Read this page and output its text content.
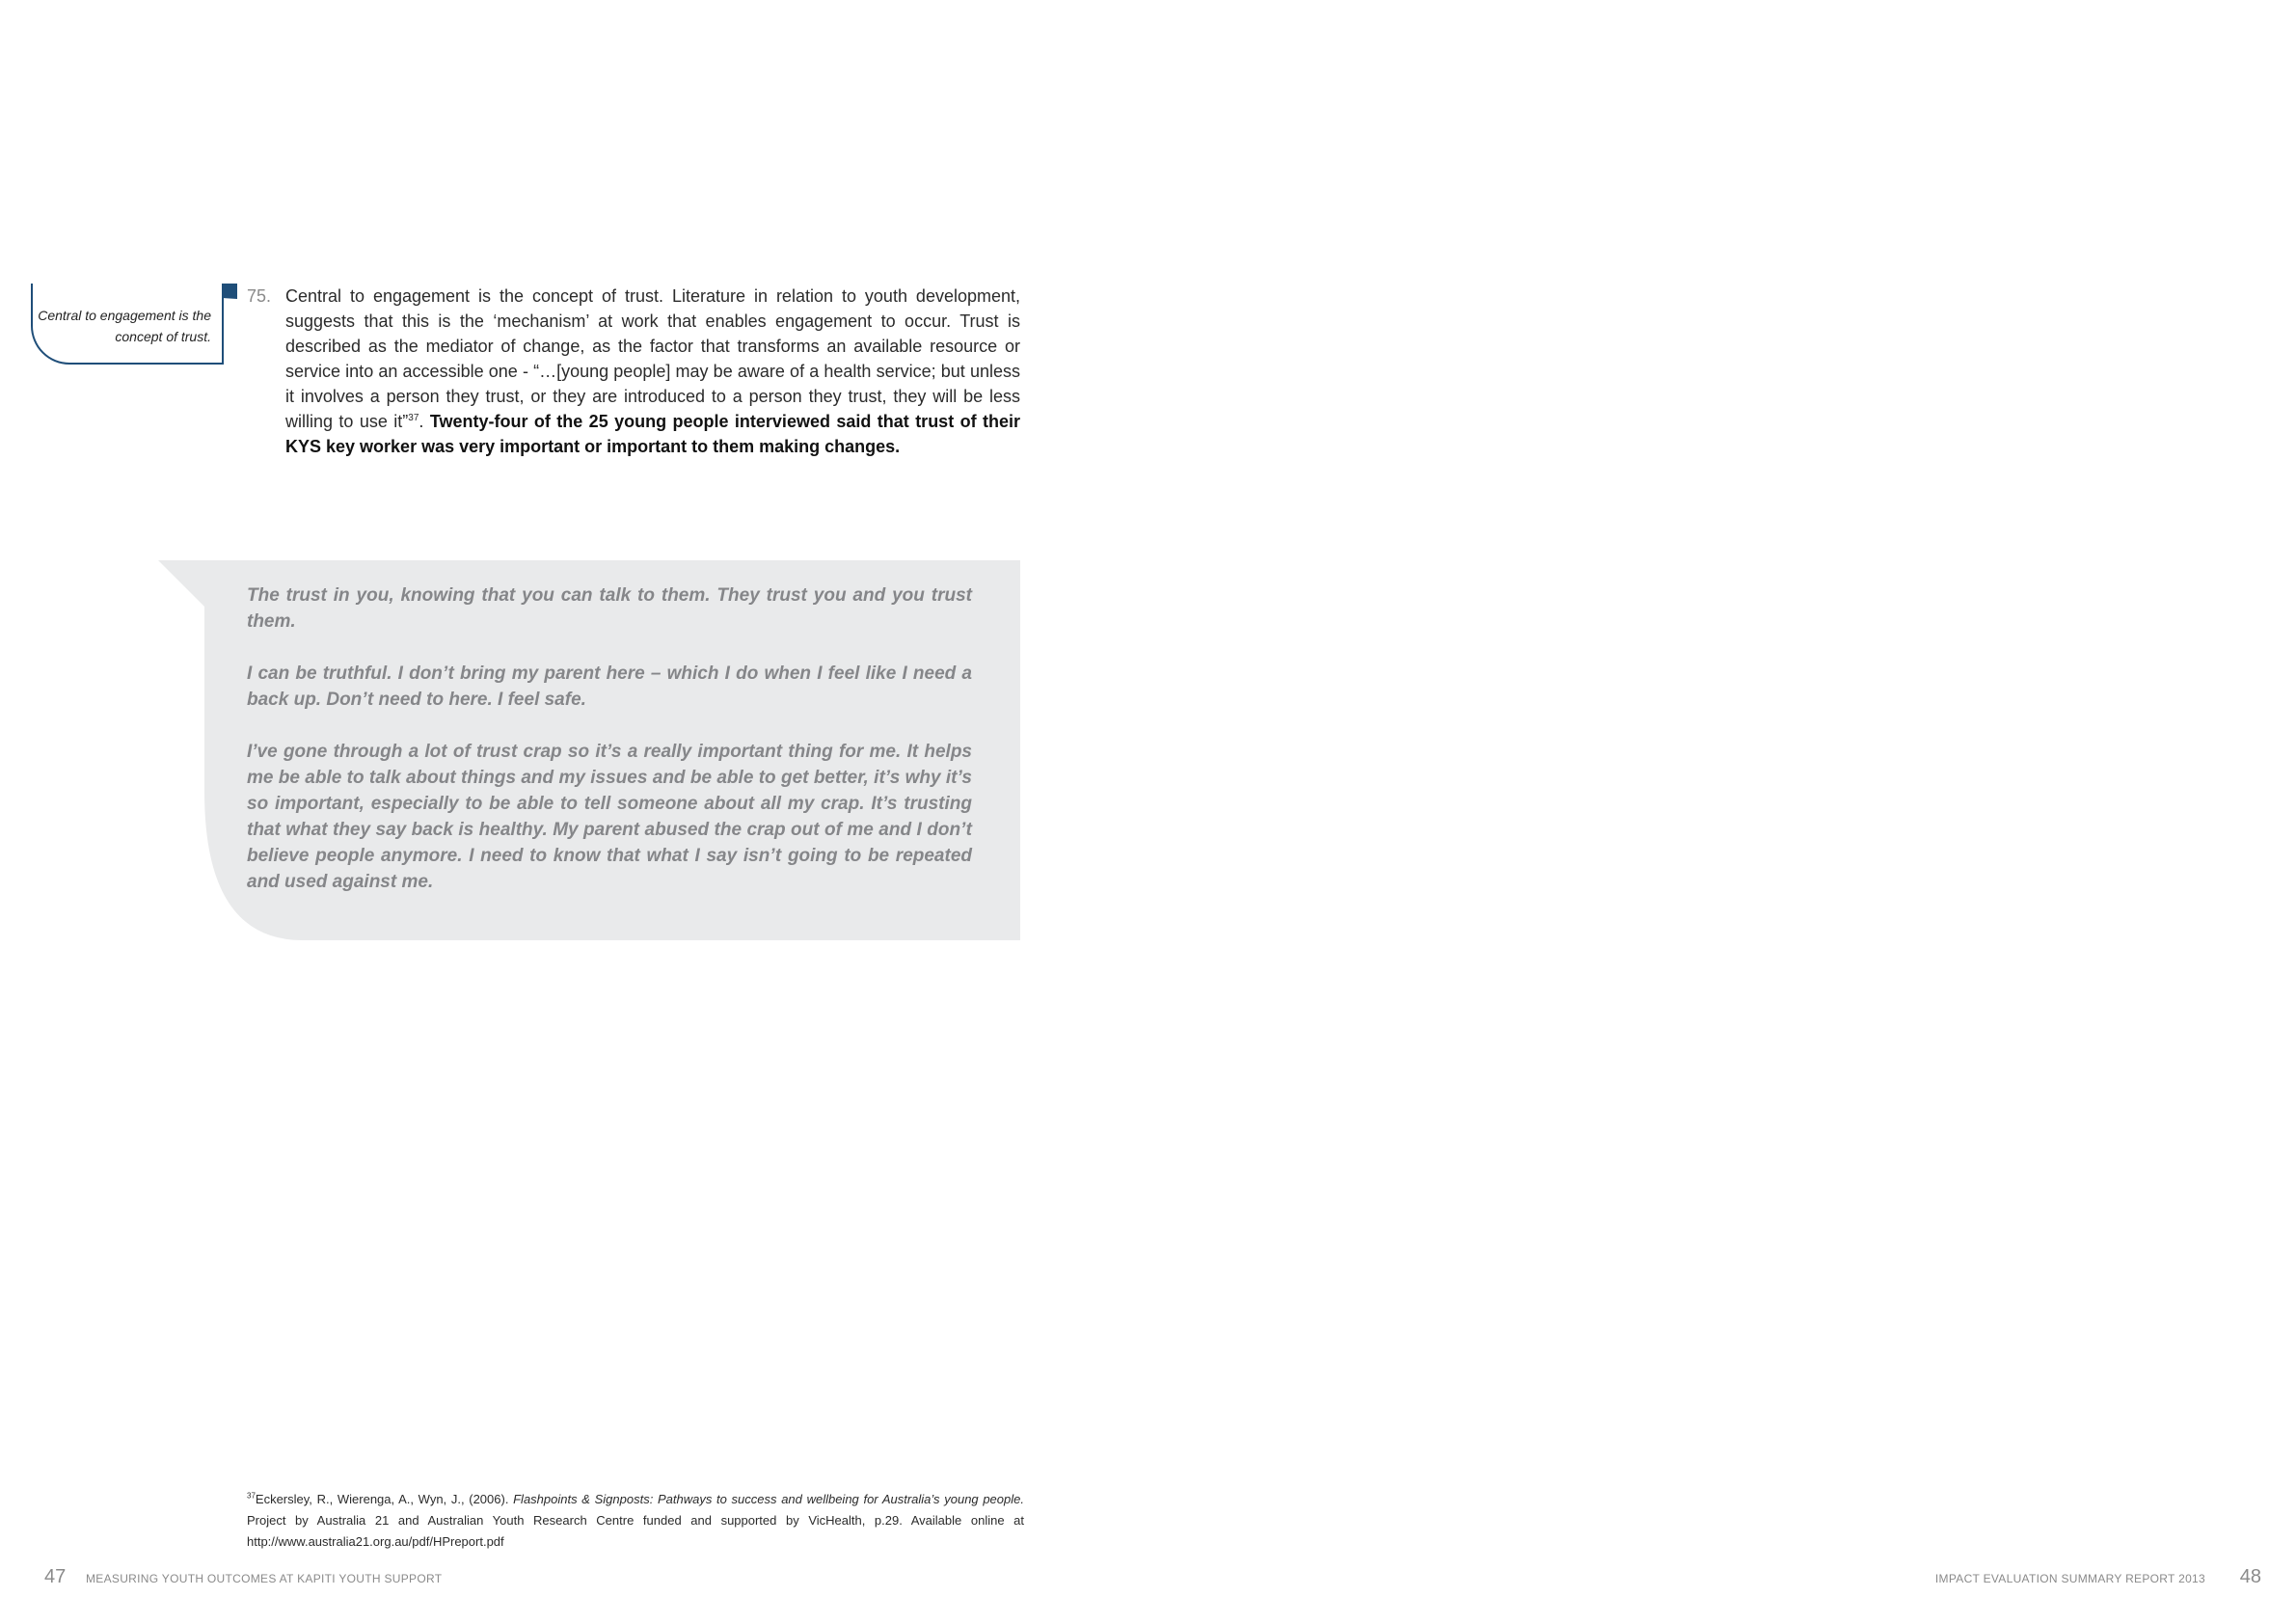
Central to engagement is the concept of trust.
75. Central to engagement is the concept of trust. Literature in relation to youth development, suggests that this is the ‘mechanism’ at work that enables engagement to occur. Trust is described as the mediator of change, as the factor that transforms an available resource or service into an accessible one - “…[young people] may be aware of a health service; but unless it involves a person they trust, or they are introduced to a person they trust, they will be less willing to use it”$^{37}$. Twenty-four of the 25 young people interviewed said that trust of their KYS key worker was very important or important to them making changes.

The trust in you, knowing that you can talk to them. They trust you and you trust them.

I can be truthful. I don’t bring my parent here – which I do when I feel like I need a back up. Don’t need to here. I feel safe.

I’ve gone through a lot of trust crap so it’s a really important thing for me. It helps me be able to talk about things and my issues and be able to get better, it’s why it’s so important, especially to be able to tell someone about all my crap. It’s trusting that what they say back is healthy. My parent abused the crap out of me and I don’t believe people anymore. I need to know that what I say isn’t going to be repeated and used against me.

$^{37}$Eckersley, R., Wierenga, A., Wyn, J., (2006). Flashpoints & Signposts: Pathways to success and wellbeing for Australia’s young people. Project by Australia 21 and Australian Youth Research Centre funded and supported by VicHealth, p.29. Available online at http://www.australia21.org.au/pdf/HPreport.pdf
47 MEASURING YOUTH OUTCOMES AT KAPITI YOUTH SUPPORT	IMPACT EVALUATION SUMMARY REPORT 2013 48
